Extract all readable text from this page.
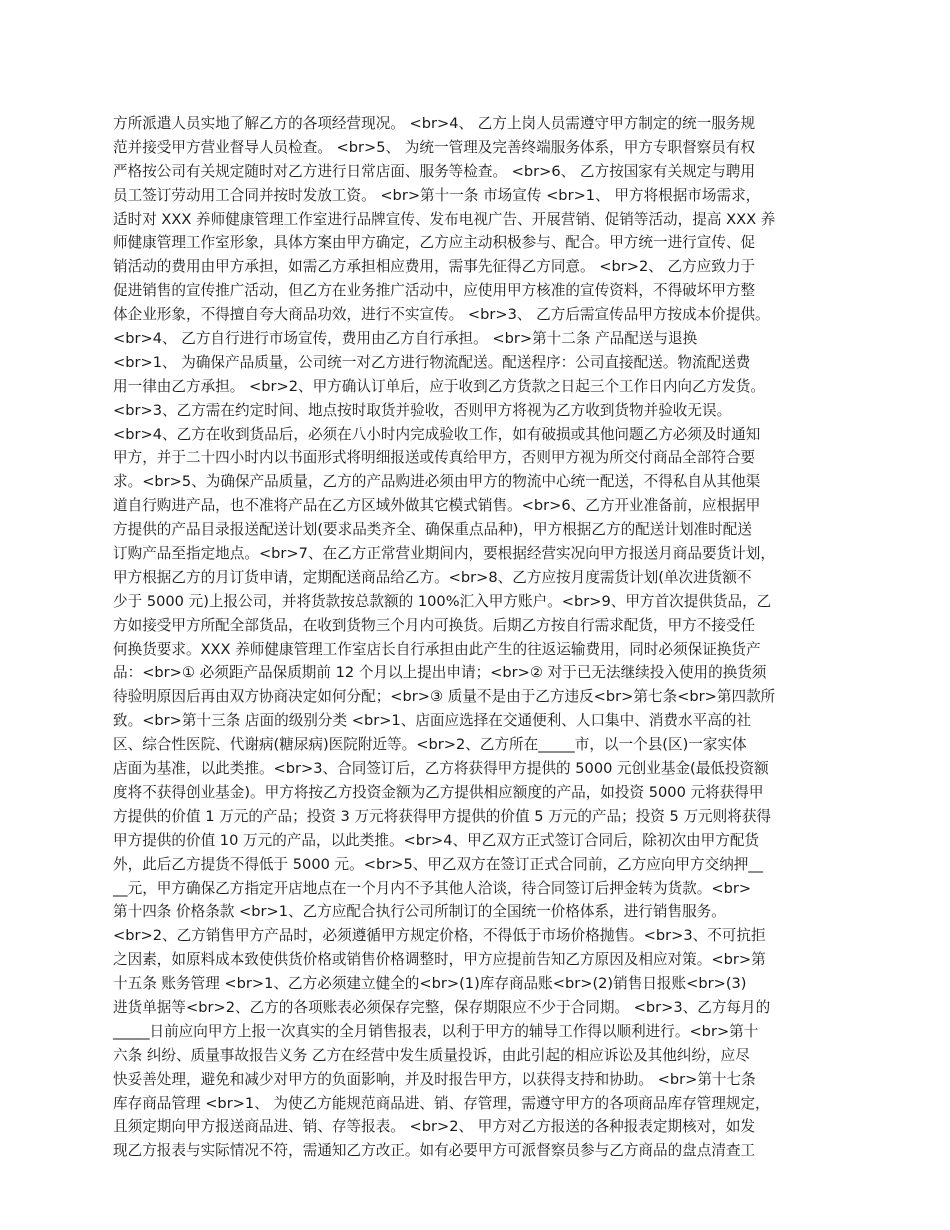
方所派遣人员实地了解乙方的各项经营现况。 <br>4、 乙方上岗人员需遵守甲方制定的统一服务规
范并接受甲方营业督导人员检查。 <br>5、 为统一管理及完善终端服务体系，甲方专职督察员有权
严格按公司有关规定随时对乙方进行日常店面、服务等检查。 <br>6、 乙方按国家有关规定与聘用
员工签订劳动用工合同并按时发放工资。 <br>第十一条 市场宣传 <br>1、 甲方将根据市场需求，
适时对 XXX 养师健康管理工作室进行品牌宣传、发布电视广告、开展营销、促销等活动，提高 XXX 养
师健康管理工作室形象，具体方案由甲方确定，乙方应主动积极参与、配合。甲方统一进行宣传、促
销活动的费用由甲方承担，如需乙方承担相应费用，需事先征得乙方同意。 <br>2、 乙方应致力于
促进销售的宣传推广活动，但乙方在业务推广活动中，应使用甲方核准的宣传资料，不得破坏甲方整
体企业形象，不得擅自夸大商品功效，进行不实宣传。 <br>3、 乙方后需宣传品甲方按成本价提供。
<br>4、 乙方自行进行市场宣传，费用由乙方自行承担。 <br>第十二条 产品配送与退换
<br>1、 为确保产品质量，公司统一对乙方进行物流配送。配送程序：公司直接配送。物流配送费
用一律由乙方承担。 <br>2、甲方确认订单后，应于收到乙方货款之日起三个工作日内向乙方发货。
<br>3、乙方需在约定时间、地点按时取货并验收，否则甲方将视为乙方收到货物并验收无误。
<br>4、乙方在收到货品后，必须在八小时内完成验收工作，如有破损或其他问题乙方必须及时通知
甲方，并于二十四小时内以书面形式将明细报送或传真给甲方，否则甲方视为所交付商品全部符合要
求。<br>5、为确保产品质量，乙方的产品购进必须由甲方的物流中心统一配送，不得私自从其他渠
道自行购进产品，也不准将产品在乙方区域外做其它模式销售。<br>6、乙方开业准备前，应根据甲
方提供的产品目录报送配送计划(要求品类齐全、确保重点品种)，甲方根据乙方的配送计划准时配送
订购产品至指定地点。<br>7、在乙方正常营业期间内，要根据经营实况向甲方报送月商品要货计划，
甲方根据乙方的月订货申请，定期配送商品给乙方。<br>8、乙方应按月度需货计划(单次进货额不
少于 5000 元)上报公司，并将货款按总款额的 100%汇入甲方账户。<br>9、甲方首次提供货品，乙
方如接受甲方所配全部货品，在收到货物三个月内可换货。后期乙方按自行需求配货，甲方不接受任
何换货要求。XXX 养师健康管理工作室店长自行承担由此产生的往返运输费用，同时必须保证换货产
品：<br>① 必须距产品保质期前 12 个月以上提出申请；<br>② 对于已无法继续投入使用的换货须
待验明原因后再由双方协商决定如何分配；<br>③ 质量不是由于乙方违反<br>第七条<br>第四款所
致。<br>第十三条 店面的级别分类 <br>1、店面应选择在交通便利、人口集中、消费水平高的社
区、综合性医院、代谢病(糖尿病)医院附近等。<br>2、乙方所在_____市，以一个县(区)一家实体
店面为基准，以此类推。<br>3、合同签订后，乙方将获得甲方提供的 5000 元创业基金(最低投资额
度将不获得创业基金)。甲方将按乙方投资金额为乙方提供相应额度的产品，如投资 5000 元将获得甲
方提供的价值 1 万元的产品；投资 3 万元将获得甲方提供的价值 5 万元的产品；投资 5 万元则将获得
甲方提供的价值 10 万元的产品，以此类推。<br>4、甲乙双方正式签订合同后，除初次由甲方配货
外，此后乙方提货不得低于 5000 元。<br>5、甲乙双方在签订正式合同前，乙方应向甲方交纳押__
__元，甲方确保乙方指定开店地点在一个月内不予其他人洽谈，待合同签订后押金转为货款。<br>
第十四条 价格条款 <br>1、乙方应配合执行公司所制订的全国统一价格体系，进行销售服务。
<br>2、乙方销售甲方产品时，必须遵循甲方规定价格，不得低于市场价格抛售。<br>3、不可抗拒
之因素，如原料成本致使供货价格或销售价格调整时，甲方应提前告知乙方原因及相应对策。<br>第
十五条 账务管理 <br>1、乙方必须建立健全的<br>(1)库存商品账<br>(2)销售日报账<br>(3)
进货单据等<br>2、乙方的各项账表必须保存完整，保存期限应不少于合同期。 <br>3、乙方每月的
_____日前应向甲方上报一次真实的全月销售报表，以利于甲方的辅导工作得以顺利进行。<br>第十
六条 纠纷、质量事故报告义务 乙方在经营中发生质量投诉，由此引起的相应诉讼及其他纠纷，应尽
快妥善处理，避免和减少对甲方的负面影响，并及时报告甲方，以获得支持和协助。 <br>第十七条
库存商品管理 <br>1、 为使乙方能规范商品进、销、存管理，需遵守甲方的各项商品库存管理规定，
且须定期向甲方报送商品进、销、存等报表。 <br>2、 甲方对乙方报送的各种报表定期核对，如发
现乙方报表与实际情况不符，需通知乙方改正。如有必要甲方可派督察员参与乙方商品的盘点清查工
